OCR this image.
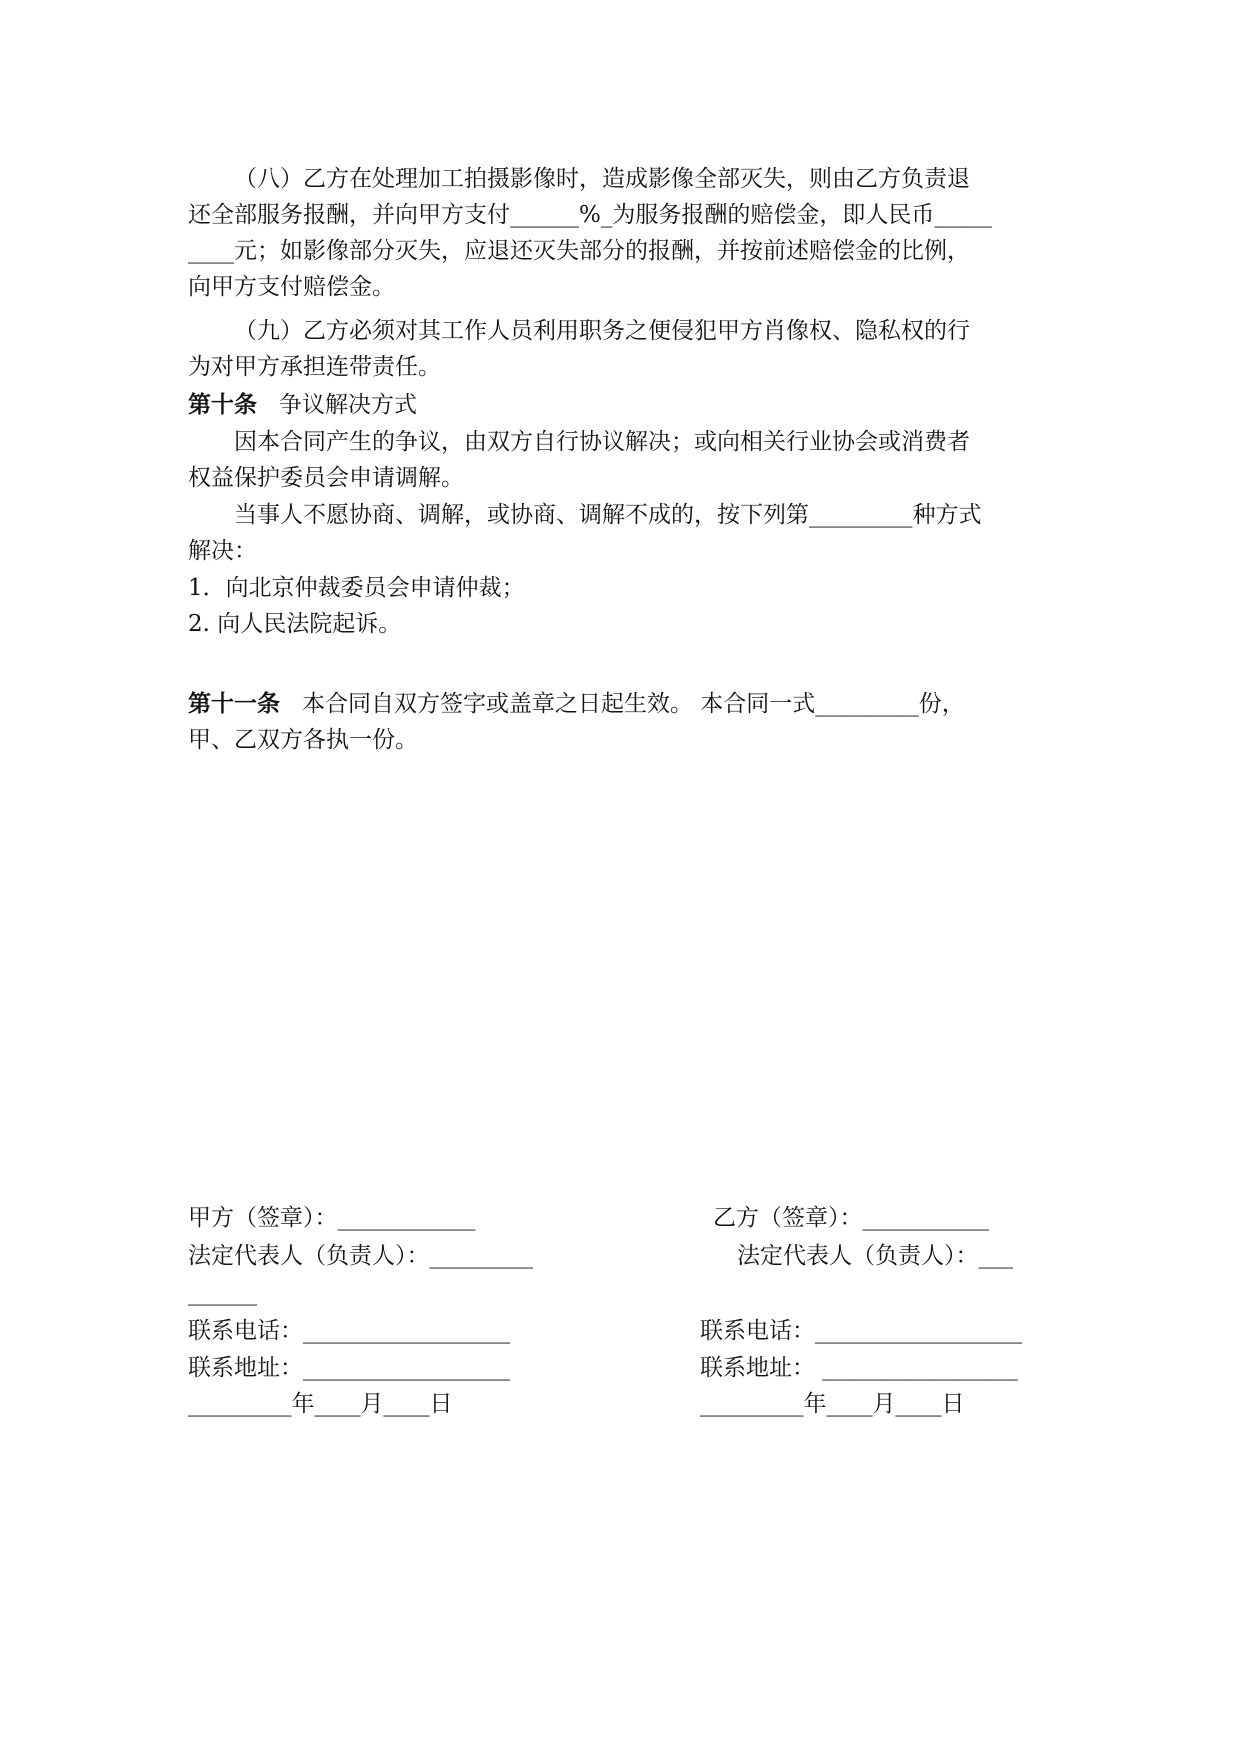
（八）乙方在处理加工拍摄影像时，造成影像全部灭失，则由乙方负责退
还全部服务报酬，并向甲方支付______%_为服务报酬的赔偿金，即人民币_____
____元；如影像部分灭失，应退还灭失部分的报酬，并按前述赔偿金的比例，
向甲方支付赔偿金。
（九）乙方必须对其工作人员利用职务之便侵犯甲方肖像权、隐私权的行
为对甲方承担连带责任。
第十条 争议解决方式
因本合同产生的争议，由双方自行协议解决；或向相关行业协会或消费者
权益保护委员会申请调解。
当事人不愿协商、调解，或协商、调解不成的，按下列第_________种方式
解决：
1．向北京仲裁委员会申请仲裁；
2. 向人民法院起诉。
第十一条 本合同自双方签字或盖章之日起生效。 本合同一式_________份，
甲、乙双方各执一份。
甲方（签章）：____________
法定代表人（负责人）：_________
______
联系电话：__________________
联系地址：__________________
_________年____月____日
乙方（签章）：___________
法定代表人（负责人）：___
联系电话：__________________
联系地址： _________________
_________年____月____日
